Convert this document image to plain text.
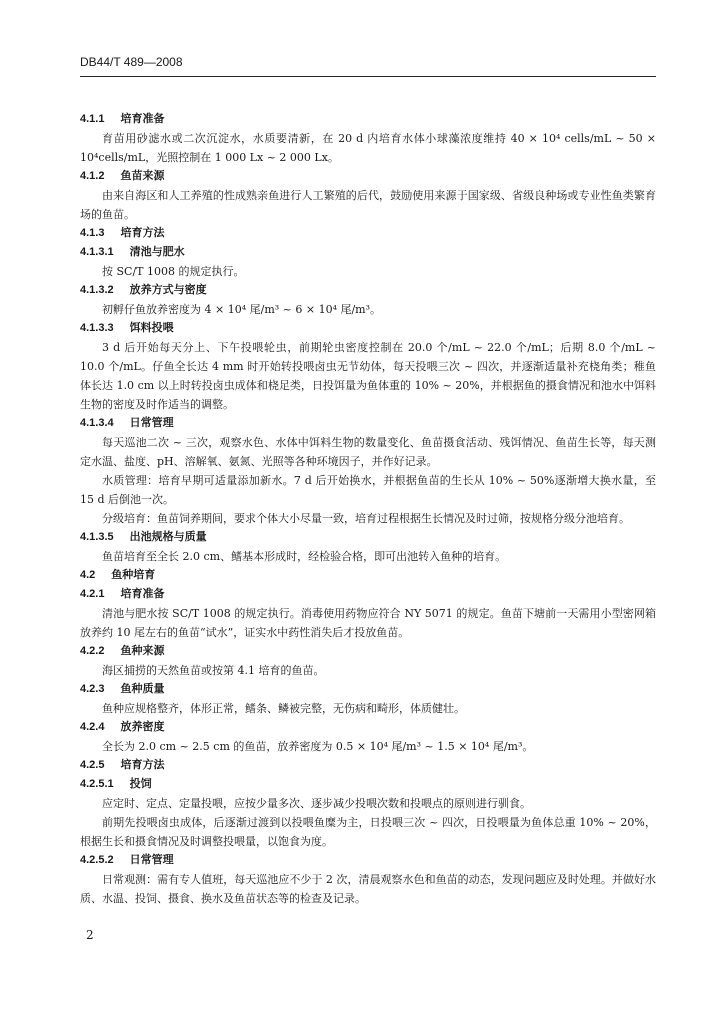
DB44/T 489—2008
4.1.1 培育准备
育苗用砂滤水或二次沉淀水，水质要清新，在 20 d 内培育水体小球藻浓度维持 40 × 10⁴ cells/mL ~ 50 × 10⁴cells/mL，光照控制在 1 000 Lx ~ 2 000 Lx。
4.1.2 鱼苗来源
由来自海区和人工养殖的性成熟亲鱼进行人工繁殖的后代，鼓励使用来源于国家级、省级良种场或专业性鱼类繁育场的鱼苗。
4.1.3 培育方法
4.1.3.1 清池与肥水
按 SC/T 1008 的规定执行。
4.1.3.2 放养方式与密度
初孵仔鱼放养密度为 4 × 10⁴ 尾/m³ ~ 6 × 10⁴ 尾/m³。
4.1.3.3 饵料投喂
3 d 后开始每天分上、下午投喂轮虫，前期轮虫密度控制在 20.0 个/mL ~ 22.0 个/mL；后期 8.0 个/mL ~ 10.0 个/mL。仔鱼全长达 4 mm 时开始转投喂卤虫无节幼体，每天投喂三次 ~ 四次，并逐渐适量补充桡角类；稚鱼体长达 1.0 cm 以上时转投卤虫成体和桡足类，日投饵量为鱼体重的 10% ~ 20%，并根据鱼的摄食情况和池水中饵料生物的密度及时作适当的调整。
4.1.3.4 日常管理
每天巡池二次 ~ 三次，观察水色、水体中饵料生物的数量变化、鱼苗摄食活动、残饵情况、鱼苗生长等，每天测定水温、盐度、pH、溶解氧、氨氮、光照等各种环境因子，并作好记录。
水质管理：培育早期可适量添加新水。7 d 后开始换水，并根据鱼苗的生长从 10% ~ 50%逐渐增大换水量，至 15 d 后倒池一次。
分级培育：鱼苗饲养期间，要求个体大小尽量一致，培育过程根据生长情况及时过筛，按规格分级分池培育。
4.1.3.5 出池规格与质量
鱼苗培育至全长 2.0 cm、鳍基本形成时，经检验合格，即可出池转入鱼种的培育。
4.2 鱼种培育
4.2.1 培育准备
清池与肥水按 SC/T 1008 的规定执行。消毒使用药物应符合 NY 5071 的规定。鱼苗下塘前一天需用小型密网箱放养约 10 尾左右的鱼苗“试水”，证实水中药性消失后才投放鱼苗。
4.2.2 鱼种来源
海区捕捞的天然鱼苗或按第 4.1 培育的鱼苗。
4.2.3 鱼种质量
鱼种应规格整齐，体形正常，鳍条、鳞被完整，无伤病和畸形，体质健壮。
4.2.4 放养密度
全长为 2.0 cm ~ 2.5 cm 的鱼苗，放养密度为 0.5 × 10⁴ 尾/m³ ~ 1.5 × 10⁴ 尾/m³。
4.2.5 培育方法
4.2.5.1 投饲
应定时、定点、定量投喂，应按少量多次、逐步减少投喂次数和投喂点的原则进行驯食。
前期先投喂卤虫成体，后逐渐过渡到以投喂鱼糜为主，日投喂三次 ~ 四次，日投喂量为鱼体总重 10% ~ 20%，根据生长和摄食情况及时调整投喂量，以饱食为度。
4.2.5.2 日常管理
日常观测：需有专人值班，每天巡池应不少于 2 次，清晨观察水色和鱼苗的动态，发现问题应及时处理。并做好水质、水温、投饲、摄食、换水及鱼苗状态等的检查及记录。
2
